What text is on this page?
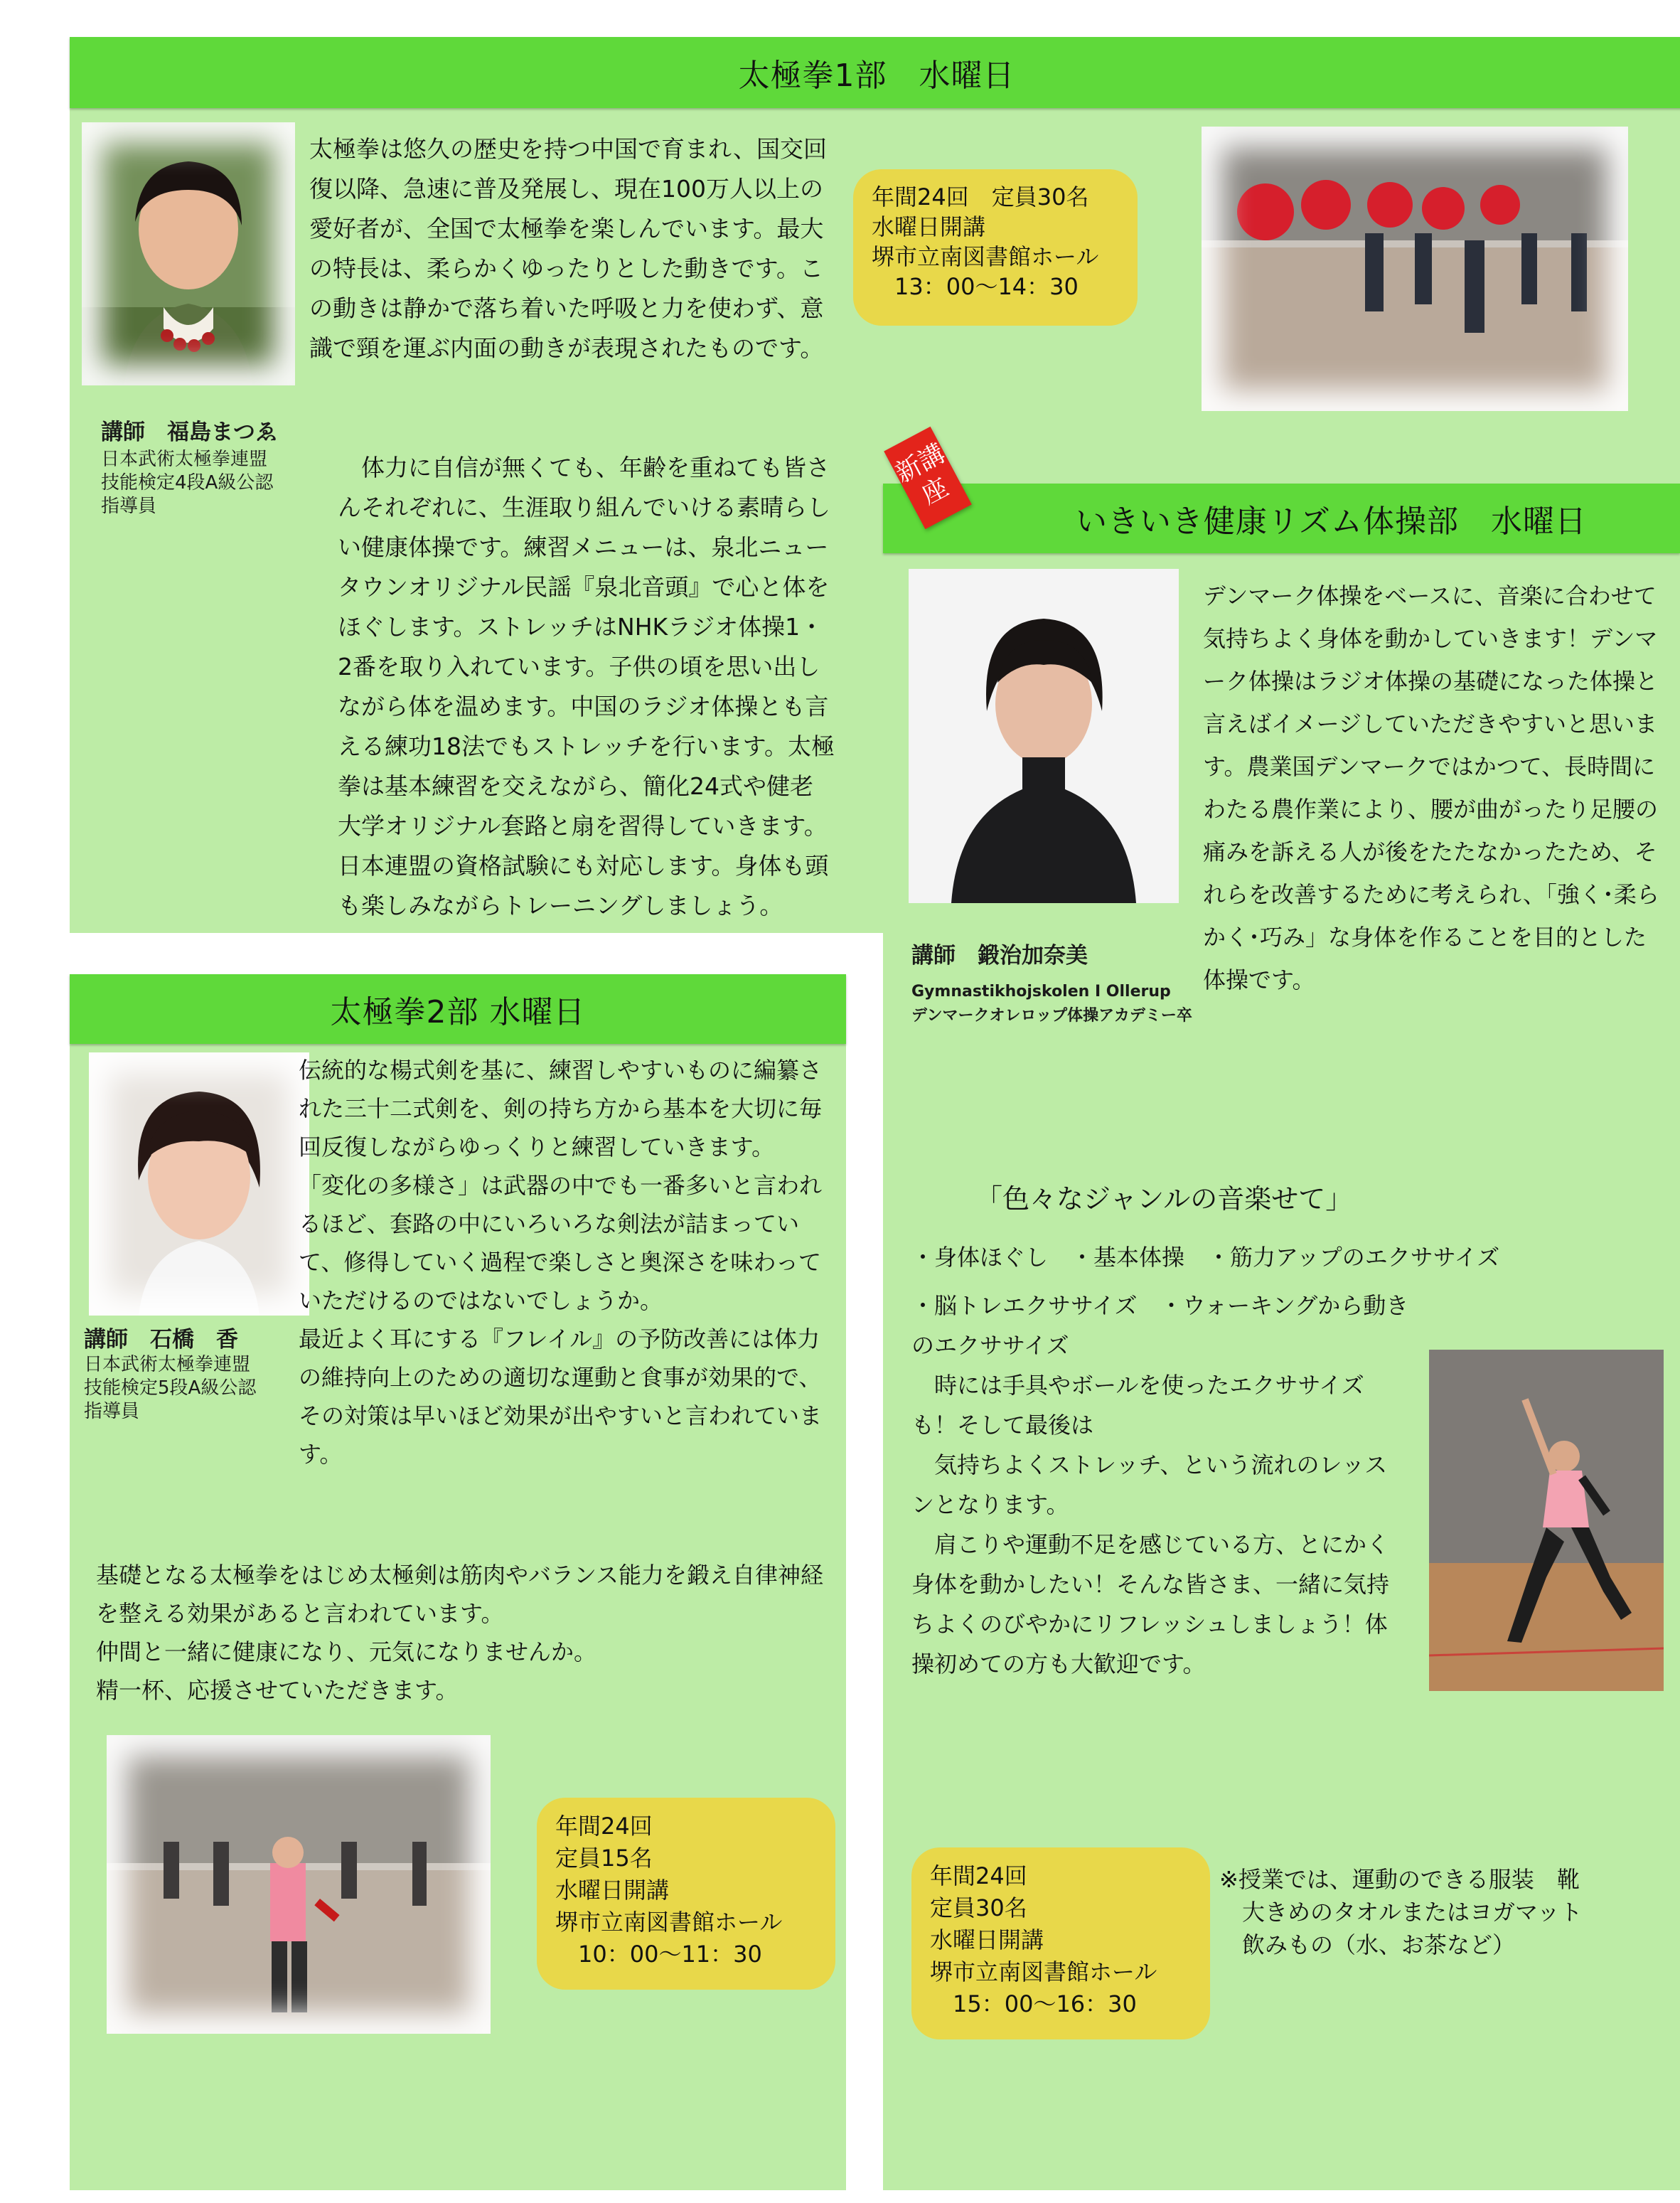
太極拳1部　水曜日
講師　福島まつゑ
日本武術太極拳連盟
技能検定4段A級公認
指導員

太極拳は悠久の歴史を持つ中国で育まれ、国交回復以降、急速に普及発展し、現在100万人以上の愛好者が、全国で太極拳を楽しんでいます。最大の特長は、柔らかくゆったりとした動きです。この動きは静かで落ち着いた呼吸と力を使わず、意識で頸を運ぶ内面の動きが表現されたものです。

　体力に自信が無くても、年齢を重ねても皆さんそれぞれに、生涯取り組んでいける素晴らしい健康体操です。練習メニューは、泉北ニュータウンオリジナル民謡『泉北音頭』で心と体をほぐします。ストレッチはNHKラジオ体操1・2番を取り入れています。子供の頃を思い出しながら体を温めます。中国のラジオ体操とも言える練功18法でもストレッチを行います。太極拳は基本練習を交えながら、簡化24式や健老大学オリジナル套路と扇を習得していきます。日本連盟の資格試験にも対応します。身体も頭も楽しみながらトレーニングしましょう。

年間24回　定員30名
水曜日開講
堺市立南図書館ホール
　13：00〜14：30
太極拳2部 水曜日
講師　石橋　香
日本武術太極拳連盟
技能検定5段A級公認
指導員

伝統的な楊式剣を基に、練習しやすいものに編纂された三十二式剣を、剣の持ち方から基本を大切に毎回反復しながらゆっくりと練習していきます。

「変化の多様さ」は武器の中でも一番多いと言われるほど、套路の中にいろいろな剣法が詰まっていて、修得していく過程で楽しさと奥深さを味わっていただけるのではないでしょうか。

最近よく耳にする『フレイル』の予防改善には体力の維持向上のための適切な運動と食事が効果的で、その対策は早いほど効果が出やすいと言われています。

基礎となる太極拳をはじめ太極剣は筋肉やバランス能力を鍛え自律神経を整える効果があると言われています。

仲間と一緒に健康になり、元気になりませんか。

精一杯、応援させていただきます。

年間24回
定員15名
水曜日開講
堺市立南図書館ホール
　10：00〜11：30
いきいき健康リズム体操部　水曜日
新講座
講師　鍛治加奈美
Gymnastikhojskolen I Ollerup
デンマークオレロップ体操アカデミー卒

デンマーク体操をベースに、音楽に合わせて気持ちよく身体を動かしていきます！デンマーク体操はラジオ体操の基礎になった体操と言えばイメージしていただきやすいと思います。農業国デンマークではかつて、長時間にわたる農作業により、腰が曲がったり足腰の痛みを訴える人が後をたたなかったため、それらを改善するために考えられ、「強く･柔らかく･巧み」な身体を作ることを目的とした体操です。

「色々なジャンルの音楽せて」

・身体ほぐし　・基本体操　・筋力アップのエクササイズ

・脳トレエクササイズ　・ウォーキングから動きのエクササイズ

　時には手具やボールを使ったエクササイズも！そして最後は

　気持ちよくストレッチ、という流れのレッスンとなります。

　肩こりや運動不足を感じている方、とにかく身体を動かしたい！そんな皆さま、一緒に気持ちよくのびやかにリフレッシュしましょう！体操初めての方も大歓迎です。

年間24回
定員30名
水曜日開講
堺市立南図書館ホール
　15：00〜16：30

※授業では、運動のできる服装　靴

　大きめのタオルまたはヨガマット

　飲みもの（水、お茶など）
